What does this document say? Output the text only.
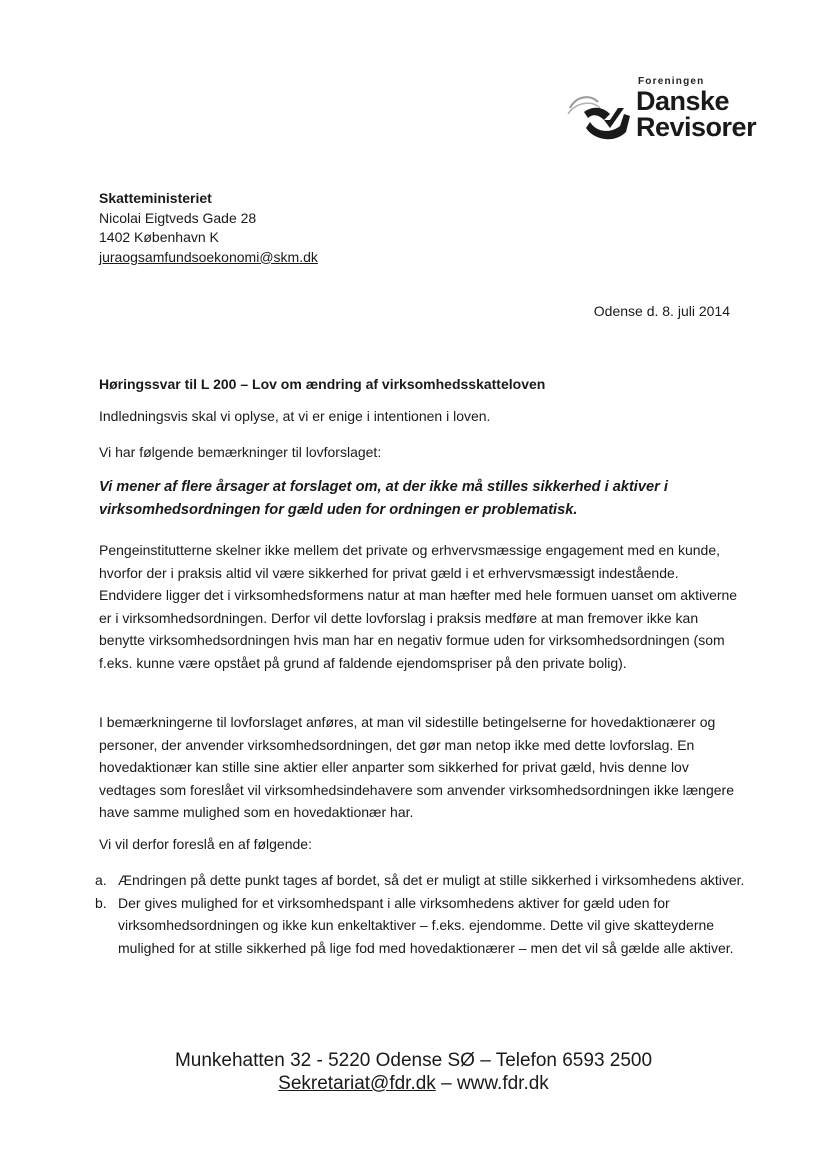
Foreningen
Danske
Revisorer
Skatteministeriet
Nicolai Eigtveds Gade 28
1402 København K
juraogsamfundsoekonomi@skm.dk
Odense d. 8. juli 2014

Høringssvar til L 200 – Lov om ændring af virksomhedsskatteloven

Indledningsvis skal vi oplyse, at vi er enige i intentionen i loven.

Vi har følgende bemærkninger til lovforslaget:

Vi mener af flere årsager at forslaget om, at der ikke må stilles sikkerhed i aktiver i virksomhedsordningen for gæld uden for ordningen er problematisk.

Pengeinstitutterne skelner ikke mellem det private og erhvervsmæssige engagement med en kunde, hvorfor der i praksis altid vil være sikkerhed for privat gæld i et erhvervsmæssigt indestående. Endvidere ligger det i virksomhedsformens natur at man hæfter med hele formuen uanset om aktiverne er i virksomhedsordningen. Derfor vil dette lovforslag i praksis medføre at man fremover ikke kan benytte virksomhedsordningen hvis man har en negativ formue uden for virksomhedsordningen (som f.eks. kunne være opstået på grund af faldende ejendomspriser på den private bolig).

I bemærkningerne til lovforslaget anføres, at man vil sidestille betingelserne for hovedaktionærer og personer, der anvender virksomhedsordningen, det gør man netop ikke med dette lovforslag. En hovedaktionær kan stille sine aktier eller anparter som sikkerhed for privat gæld, hvis denne lov vedtages som foreslået vil virksomhedsindehavere som anvender virksomhedsordningen ikke længere have samme mulighed som en hovedaktionær har.

Vi vil derfor foreslå en af følgende:

a. Ændringen på dette punkt tages af bordet, så det er muligt at stille sikkerhed i virksomhedens aktiver.
b. Der gives mulighed for et virksomhedspant i alle virksomhedens aktiver for gæld uden for virksomhedsordningen og ikke kun enkeltaktiver – f.eks. ejendomme. Dette vil give skatteyderne mulighed for at stille sikkerhed på lige fod med hovedaktionærer – men det vil så gælde alle aktiver.
Munkehatten 32 - 5220 Odense SØ – Telefon 6593 2500
Sekretariat@fdr.dk – www.fdr.dk
